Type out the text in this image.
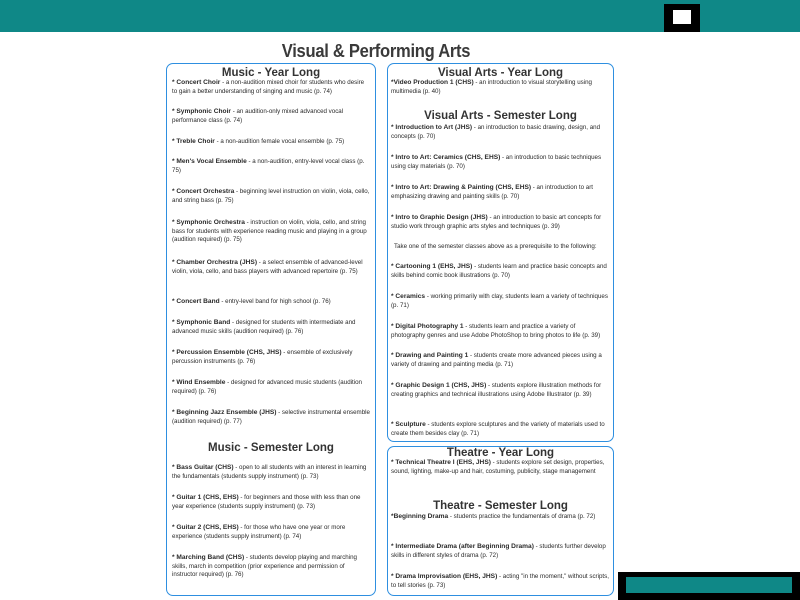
Visual & Performing Arts
Music - Year Long
* Concert Choir - a non-audition mixed choir for students who desire to gain a better understanding of singing and music (p. 74)
* Symphonic Choir - an audition-only mixed advanced vocal performance class (p. 74)
* Treble Choir - a non-audition female vocal ensemble (p. 75)
* Men's Vocal Ensemble - a non-audition, entry-level vocal class (p. 75)
* Concert Orchestra - beginning level instruction on violin, viola, cello, and string bass (p. 75)
* Symphonic Orchestra - instruction on violin, viola, cello, and string bass for students with experience reading music and playing in a group (audition required) (p. 75)
* Chamber Orchestra (JHS) - a select ensemble of advanced-level violin, viola, cello, and bass players with advanced repertoire (p. 75)
* Concert Band - entry-level band for high school (p. 76)
* Symphonic Band - designed for students with intermediate and advanced music skills (audition required) (p. 76)
* Percussion Ensemble (CHS, JHS) - ensemble of exclusively percussion instruments (p. 76)
* Wind Ensemble - designed for advanced music students (audition required) (p. 76)
* Beginning Jazz Ensemble (JHS) - selective instrumental ensemble (audition required) (p. 77)
Music - Semester Long
* Bass Guitar (CHS) - open to all students with an interest in learning the fundamentals (students supply instrument) (p. 73)
* Guitar 1 (CHS, EHS) - for beginners and those with less than one year experience (students supply instrument) (p. 73)
* Guitar 2 (CHS, EHS) - for those who have one year or more experience (students supply instrument) (p. 74)
* Marching Band (CHS) - students develop playing and marching skills, march in competition (prior experience and permission of instructor required) (p. 76)
Visual Arts - Year Long
*Video Production 1 (CHS) - an introduction to visual storytelling using multimedia (p. 40)
Visual Arts - Semester Long
* Introduction to Art (JHS) - an introduction to basic drawing, design, and concepts (p. 70)
* Intro to Art: Ceramics (CHS, EHS) - an introduction to basic techniques using clay materials (p. 70)
* Intro to Art: Drawing & Painting (CHS, EHS) - an introduction to art emphasizing drawing and painting skills (p. 70)
* Intro to Graphic Design (JHS) - an introduction to basic art concepts for studio work through graphic arts styles and techniques (p. 39)
Take one of the semester classes above as a prerequisite to the following:
* Cartooning 1 (EHS, JHS) - students learn and practice basic concepts and skills behind comic book illustrations (p. 70)
* Ceramics - working primarily with clay, students learn a variety of techniques (p. 71)
* Digital Photography 1 - students learn and practice a variety of photography genres and use Adobe PhotoShop to bring photos to life (p. 39)
* Drawing and Painting 1 - students create more advanced pieces using a variety of drawing and painting media (p. 71)
* Graphic Design 1 (CHS, JHS) - students explore illustration methods for creating graphics and technical illustrations using Adobe Illustrator (p. 39)
* Sculpture - students explore sculptures and the variety of materials used to create them besides clay (p. 71)
Theatre - Year Long
* Technical Theatre I (EHS, JHS) - students explore set design, properties, sound, lighting, make-up and hair, costuming, publicity, stage management
Theatre - Semester Long
*Beginning Drama - students practice the fundamentals of drama (p. 72)
* Intermediate Drama (after Beginning Drama) - students further develop skills in different styles of drama (p. 72)
* Drama Improvisation (EHS, JHS) - acting "in the moment," without scripts, to tell stories (p. 73)
